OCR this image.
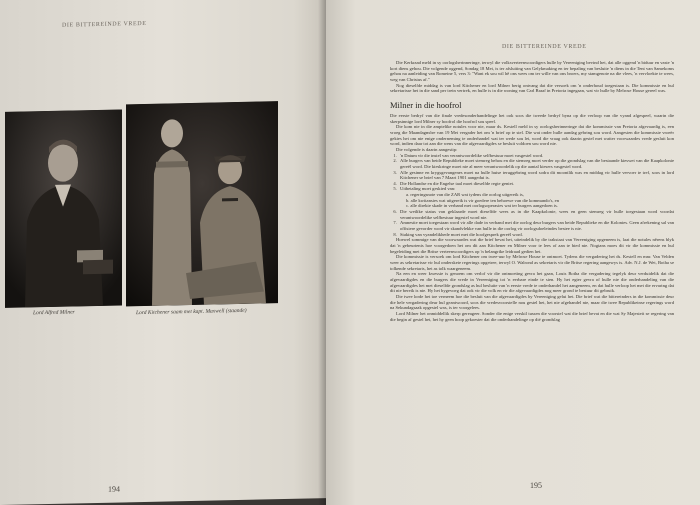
DIE BITTEREINDE VREDE
Lord Alfred Milner	Lord Kitchener saam met kapt. Maxwell (staande)
194
DIE BITTEREINDE VREDE

Die Kerkraad meld in sy oorlogsherinneringe, terwyl die volksverteenwoordigers hulle by Vereeniging bevind het, dat alle oggend 'n biduur en vaste 'n kort diens gehou. Die volgende oggend, Sondag 18 Mei, is ter afsluiting van Gelykmaking en ter bepaling van besluite 'n diens in die Tent van Samekoms gehou na aanleiding van Romeine 5, vers 3: "Want ek sou wil hê ons wees om ter wille van ons broers, my stamgenote na die vlees, 'n vervloekte te wees, weg van Christus af."

Nog dieselfde middag is van lord Kitchener en lord Milner berig ontvang dat die versoek om 'n onderhoud toegestaan is. Die kommissie en hul sekretarisse het in die sand per trein vertrek, en hulle is in die woning van Carl Braaf in Pretoria ingegaan, wat vir hulle by Melrose House gereel was.

Milner in die hoofrol

Die eerste bedryf van die finale vredesonderhandelinge het ook soos die tweede bedryf byna op die verloop van die vyand afgespeel, waarin die skerpsinnige lord Milner sy hoofrol die hoofrol sou speel.

Die kom nie in die amptelike notules voor nie, maar ds. Kestell meld in sy oorlogsherinneringe dat die kommissie van Pretoria afgevaardig is, een vroeg die Maandagmôre van 19 Mei vergader het om 'n brief op te stel. Die wat onder hulle aandag gebring sou word. Aangesien die kommissie vroeër gekies het om nie enige onderneming te onderhandel wat ter wede sou lei, word die vraag ook daarin gestel met watter voorwaardes vrede gesluit kon word, indien daar tot aan die wens van die afgevaardigdes se besluit voldoen sou word nie.

Die volgende is daarin aangestip:

1. 'n Datum vir die instel van verantwoordelike selfbestuur moet vasgestel word.
2. Alle burgers van beide Republieke moet stemreg behou en die stemreg moet verder op die grondslag van die bestaande kieswet van die Kaapkolonie gereël word. Die kieskringe moet nie al meer verantwoordelik op die aantal kiesers vasgestel word.
3. Alle gesinne en krygsgevangenes moet na hulle huise teruggebring word sodra dit moontlik was en middag vir hulle vervoer te tref, soos in lord Kitchener se brief van 7 Maart 1901 aangedui is.
4. Die Hollandse en die Engelse taal moet dieselfde regte geniet.
5. Uitbetaling moet geskied van:
a. regeringsnote van die ZAR wat tydens die oorlog uitgereik is,
b. alle kwitansies wat uitgereik is vir goedere ten behoewe van die kommando's, en
c. alle direkte skade in verband met oorlogsoperasies wat ter burgers aangedoen is.
6. Die wetlike status van geklaarde moet dieselfde wees as in die Kaapkolonie, wees en geen stemreg vir hulle toegestaan word voordat verantwoordelike selfbestuur ingestel word nie.
7. Amnestie moet toegestaan word vir alle dade in verband met die oorlog deur burgers van beide Republieke en die Kolonies. Geen afrekening sal van offisiere gevorder word vir skandvlekke van hulle in die oorlog vir oorlogsdoeleindes bestee is nie.
8. Staking van vyandelikhede moet met die hoofgesprek gereël word.

Hoewel sommige van die voorwaardes wat die brief bevat het, uiteindelik by die trakstaat van Vereeniging opgeneem is, laat die notules nêrens blyk dat 'n gebeurtenis hoe voorgedoen het om dit aan Kitchener en Milner voor te lees of aan te bied nie. Nogtans moes dit vir die kommissie en hul begeleiding met die Britse verteenwoordigers op 'n belangrike leidraad gedien het.

Die kommissie is versoek om lord Kitchener om twee-uur by Melrose House te ontmoet. Tydens die vergadering het ds. Kestell en mnr. Van Velden weer as sekretarisse vir hul onderskeie regerings opgetree, terwyl O. Walrond as sekretaris vir die Britse regering aangewys is. Adv. N.J. de Wet, Botha se tolkende sekretaris, het as tolk waargeneem.

Na een en weer kwessie is genoem om verlof vir die ontmoeting gevra het gaan, Louis Botha die vergadering tegelyk deur verduidelik dat die afgevaardigdes en die burgers die vrede in Vereeniging tot 'n eerbare einde te sien. Hy het egter gevra of hulle nie die onderhandeling van die afgevaardigdes het met dieselfde grondslag as hul besluite van 'n eerste vrede te onderhandel het aangeneem, en dat hulle verloop het met die ervaring dat dit nie bereik is nie. Hy het bygevoeg dat ook vir die volk en vir die afgevaardigdes nog meer grond te bestuur dit gebruik.

Die twee lorde het toe verneem hoe die besluit van die afgevaardigdes by Vereeniging gelui het. Die brief wat die bittereinders in die kommissie deur die hele vergadering deur hul geantwoord, soos die vredesvoorstelle nou gestel het, het nie afgehandel nie, maar die twee Republikeinse regerings word na Sekundagsaak opgestel was, is ter voorgelees.

Lord Milner het onmiddellik skerp gereageer. Sonder die enige verskil tussen die voorstel wat die brief bevat en die wat Sy Majesteit se regering van die begin af gestel het, het hy geen hoop gekoester dat die onderhandelinge op dié grondslag

195
